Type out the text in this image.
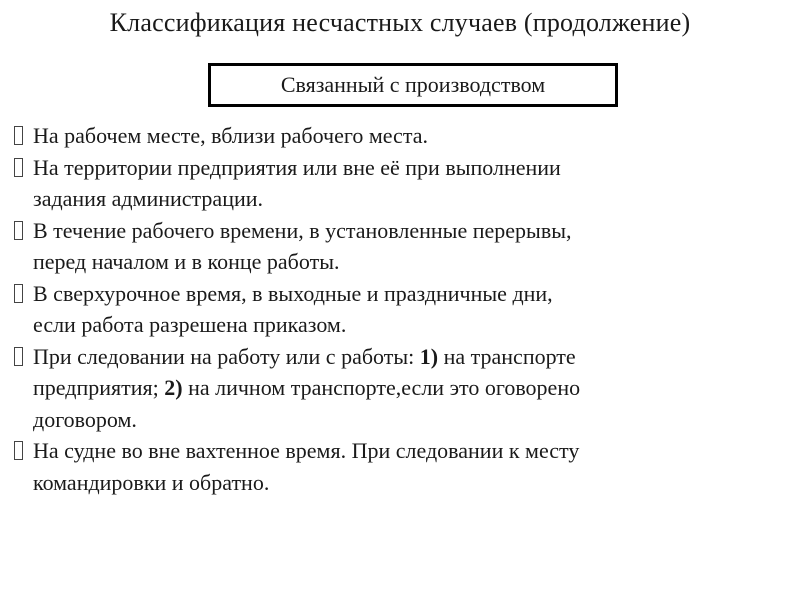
Классификация несчастных случаев (продолжение)
Связанный с производством
На рабочем месте, вблизи рабочего места.
На территории предприятия или вне её при выполнении
задания администрации.
В течение рабочего времени, в установленные перерывы,
перед началом и в конце работы.
В сверхурочное время, в выходные и праздничные дни,
если работа разрешена приказом.
При следовании на работу или с работы: 1) на транспорте
предприятия; 2) на личном транспорте,если это оговорено
договором.
На судне во вне вахтенное время. При следовании к месту
командировки и обратно.
